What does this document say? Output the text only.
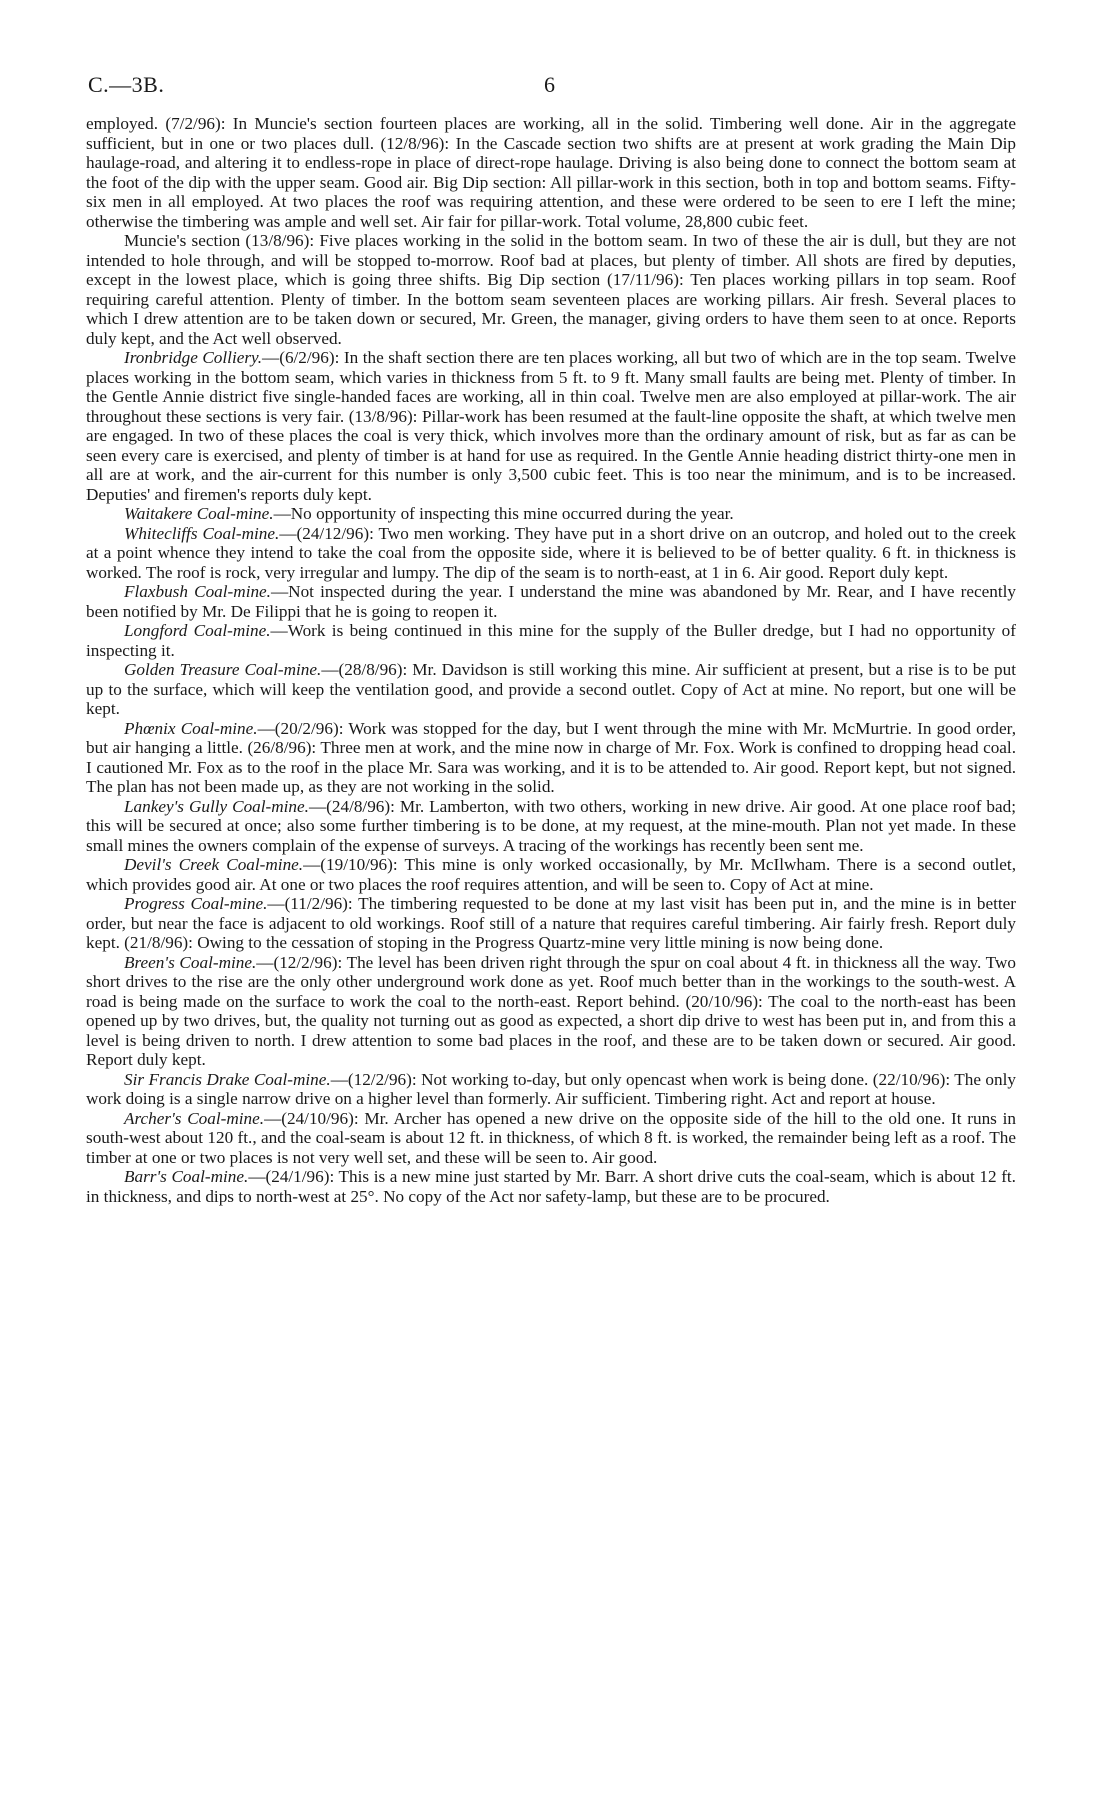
C.—3B.	6

employed. (7/2/96): In Muncie's section fourteen places are working, all in the solid. Timbering well done. Air in the aggregate sufficient, but in one or two places dull. (12/8/96): In the Cascade section two shifts are at present at work grading the Main Dip haulage-road, and altering it to endless-rope in place of direct-rope haulage. Driving is also being done to connect the bottom seam at the foot of the dip with the upper seam. Good air. Big Dip section: All pillar-work in this section, both in top and bottom seams. Fifty-six men in all employed. At two places the roof was requiring attention, and these were ordered to be seen to ere I left the mine; otherwise the timbering was ample and well set. Air fair for pillar-work. Total volume, 28,800 cubic feet.

Muncie's section (13/8/96): Five places working in the solid in the bottom seam. In two of these the air is dull, but they are not intended to hole through, and will be stopped to-morrow. Roof bad at places, but plenty of timber. All shots are fired by deputies, except in the lowest place, which is going three shifts. Big Dip section (17/11/96): Ten places working pillars in top seam. Roof requiring careful attention. Plenty of timber. In the bottom seam seventeen places are working pillars. Air fresh. Several places to which I drew attention are to be taken down or secured, Mr. Green, the manager, giving orders to have them seen to at once. Reports duly kept, and the Act well observed.

Ironbridge Colliery.—(6/2/96): In the shaft section there are ten places working, all but two of which are in the top seam. Twelve places working in the bottom seam, which varies in thickness from 5 ft. to 9 ft. Many small faults are being met. Plenty of timber. In the Gentle Annie district five single-handed faces are working, all in thin coal. Twelve men are also employed at pillar-work. The air throughout these sections is very fair. (13/8/96): Pillar-work has been resumed at the fault-line opposite the shaft, at which twelve men are engaged. In two of these places the coal is very thick, which involves more than the ordinary amount of risk, but as far as can be seen every care is exercised, and plenty of timber is at hand for use as required. In the Gentle Annie heading district thirty-one men in all are at work, and the air-current for this number is only 3,500 cubic feet. This is too near the minimum, and is to be increased. Deputies' and firemen's reports duly kept.

Waitakere Coal-mine.—No opportunity of inspecting this mine occurred during the year.

Whitecliffs Coal-mine.—(24/12/96): Two men working. They have put in a short drive on an outcrop, and holed out to the creek at a point whence they intend to take the coal from the opposite side, where it is believed to be of better quality. 6 ft. in thickness is worked. The roof is rock, very irregular and lumpy. The dip of the seam is to north-east, at 1 in 6. Air good. Report duly kept.

Flaxbush Coal-mine.—Not inspected during the year. I understand the mine was abandoned by Mr. Rear, and I have recently been notified by Mr. De Filippi that he is going to reopen it.

Longford Coal-mine.—Work is being continued in this mine for the supply of the Buller dredge, but I had no opportunity of inspecting it.

Golden Treasure Coal-mine.—(28/8/96): Mr. Davidson is still working this mine. Air sufficient at present, but a rise is to be put up to the surface, which will keep the ventilation good, and provide a second outlet. Copy of Act at mine. No report, but one will be kept.

Phœnix Coal-mine.—(20/2/96): Work was stopped for the day, but I went through the mine with Mr. McMurtrie. In good order, but air hanging a little. (26/8/96): Three men at work, and the mine now in charge of Mr. Fox. Work is confined to dropping head coal. I cautioned Mr. Fox as to the roof in the place Mr. Sara was working, and it is to be attended to. Air good. Report kept, but not signed. The plan has not been made up, as they are not working in the solid.

Lankey's Gully Coal-mine.—(24/8/96): Mr. Lamberton, with two others, working in new drive. Air good. At one place roof bad; this will be secured at once; also some further timbering is to be done, at my request, at the mine-mouth. Plan not yet made. In these small mines the owners complain of the expense of surveys. A tracing of the workings has recently been sent me.

Devil's Creek Coal-mine.—(19/10/96): This mine is only worked occasionally, by Mr. McIlwham. There is a second outlet, which provides good air. At one or two places the roof requires attention, and will be seen to. Copy of Act at mine.

Progress Coal-mine.—(11/2/96): The timbering requested to be done at my last visit has been put in, and the mine is in better order, but near the face is adjacent to old workings. Roof still of a nature that requires careful timbering. Air fairly fresh. Report duly kept. (21/8/96): Owing to the cessation of stoping in the Progress Quartz-mine very little mining is now being done.

Breen's Coal-mine.—(12/2/96): The level has been driven right through the spur on coal about 4 ft. in thickness all the way. Two short drives to the rise are the only other underground work done as yet. Roof much better than in the workings to the south-west. A road is being made on the surface to work the coal to the north-east. Report behind. (20/10/96): The coal to the north-east has been opened up by two drives, but, the quality not turning out as good as expected, a short dip drive to west has been put in, and from this a level is being driven to north. I drew attention to some bad places in the roof, and these are to be taken down or secured. Air good. Report duly kept.

Sir Francis Drake Coal-mine.—(12/2/96): Not working to-day, but only opencast when work is being done. (22/10/96): The only work doing is a single narrow drive on a higher level than formerly. Air sufficient. Timbering right. Act and report at house.

Archer's Coal-mine.—(24/10/96): Mr. Archer has opened a new drive on the opposite side of the hill to the old one. It runs in south-west about 120 ft., and the coal-seam is about 12 ft. in thickness, of which 8 ft. is worked, the remainder being left as a roof. The timber at one or two places is not very well set, and these will be seen to. Air good.

Barr's Coal-mine.—(24/1/96): This is a new mine just started by Mr. Barr. A short drive cuts the coal-seam, which is about 12 ft. in thickness, and dips to north-west at 25°. No copy of the Act nor safety-lamp, but these are to be procured.
